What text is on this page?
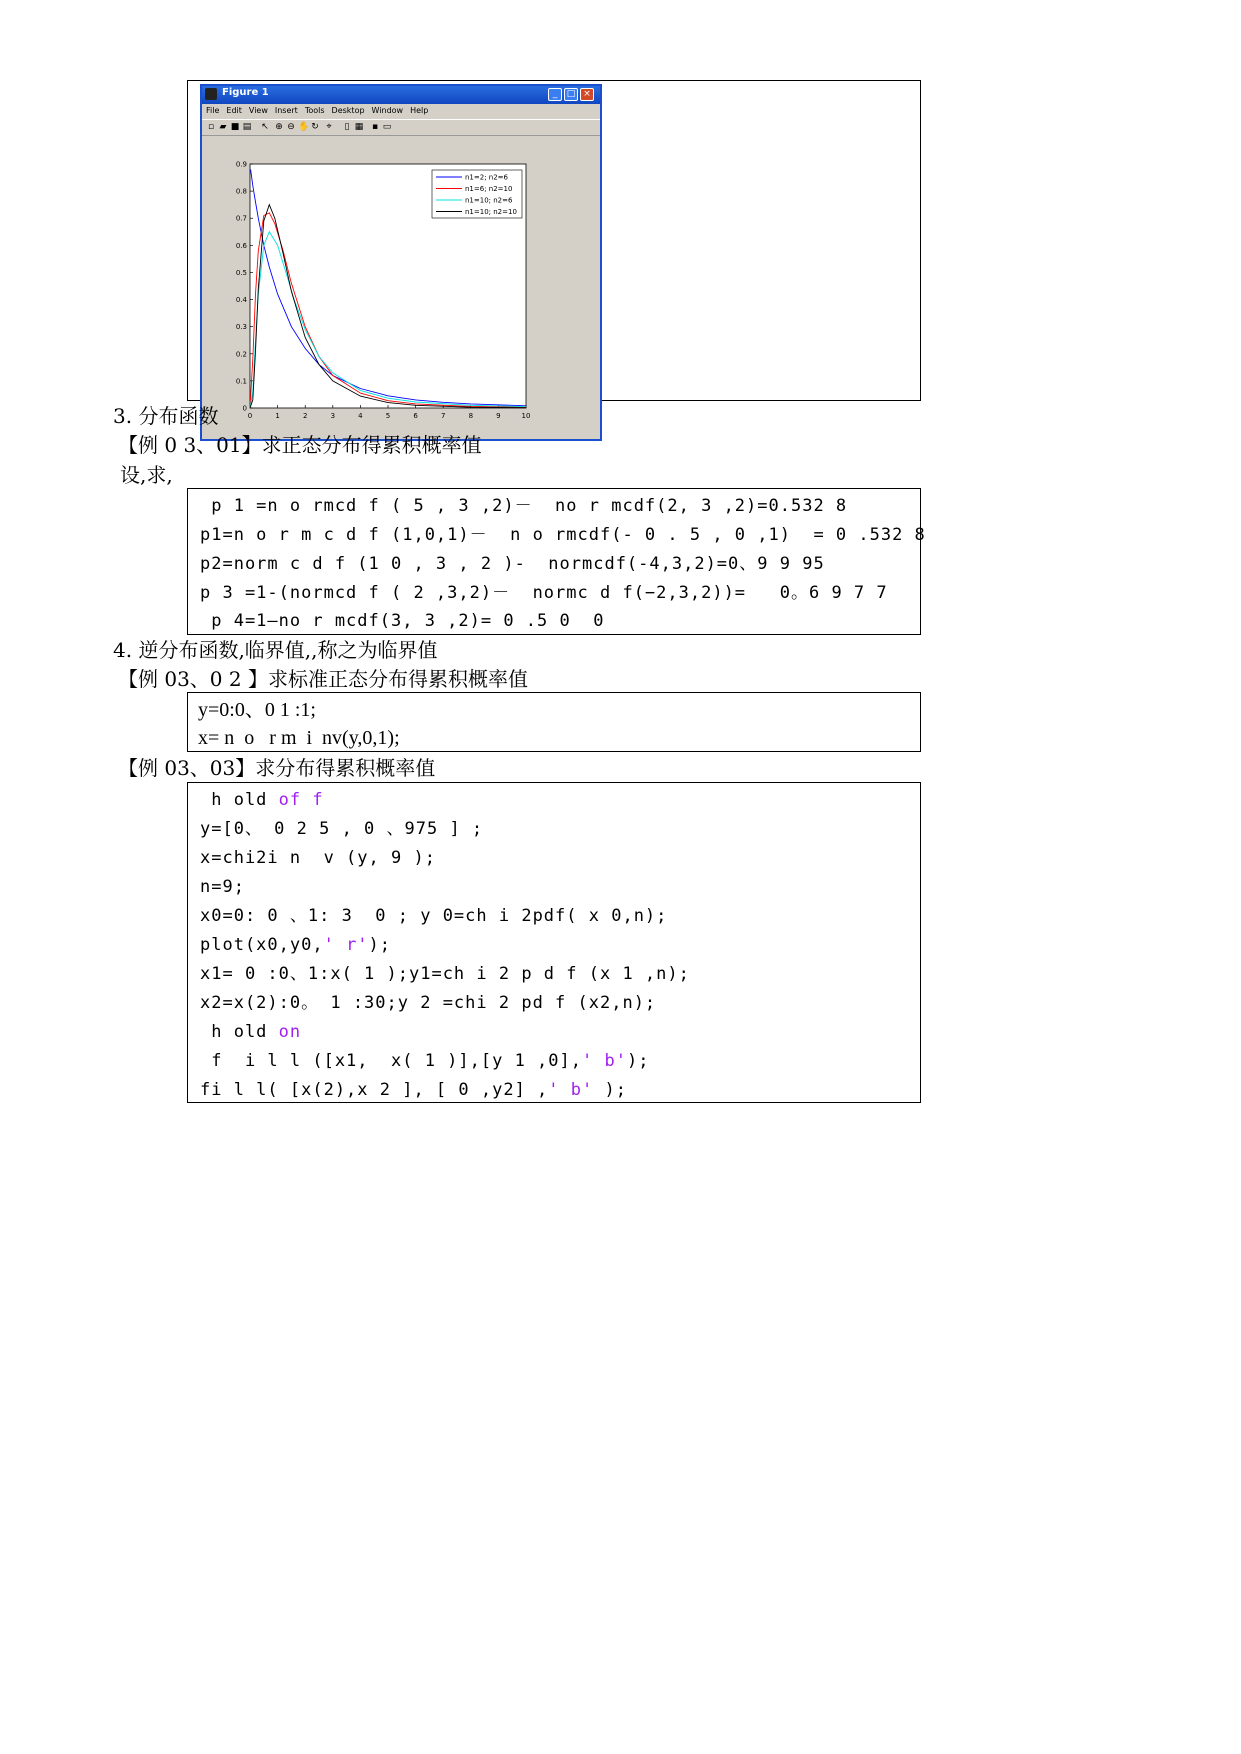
Figure 1	_	□ ×
File Edit View Insert Tools Desktop Window Help
▫ ▰ ■ ▤ ↖ ⊕ ⊖ ✋ ↻ ⌖ ▯ ▦ ▪ ▭
0	1	2	3	4	5	6	7	8	9	10
0
0.1
0.2
0.3
0.4
0.5
0.6
0.7
0.8
0.9
n1=2; n2=6
n1=6; n2=10
n1=10; n2=6
n1=10; n2=10
3. 分布函数
【例 0 3、01】求正态分布得累积概率值
设,求,
p 1 =n o rmcd f ( 5 , 3 ,2)－  no r mcdf(2, 3 ,2)=0.532 8
p1=n o r m c d f (1,0,1)－  n o rmcdf(- 0 . 5 , 0 ,1)  = 0 .532 8
p2=norm c d f (1 0 , 3 , 2 )-  normcdf(-4,3,2)=0、9 9 95
p 3 =1-(normcd f ( 2 ,3,2)－  normc d f(−2,3,2))=   0。6 9 7 7
p 4=1—no r mcdf(3, 3 ,2)= 0 .5 0  0
4. 逆分布函数,临界值,,称之为临界值
【例 03、0 2 】求标准正态分布得累积概率值
y=0:0、0 1 :1;
x= n  o   r m  i  nv(y,0,1);
【例 03、03】求分布得累积概率值
h old of f
y=[0、 0 2 5 , 0 、975 ] ;
x=chi2i n  v (y, 9 );
n=9;
x0=0: 0 、1: 3  0 ; y 0=ch i 2pdf( x 0,n);
plot(x0,y0,' r');
x1= 0 :0、1:x( 1 );y1=ch i 2 p d f (x 1 ,n);
x2=x(2):0。 1 :30;y 2 =chi 2 pd f (x2,n);
h old on
f  i l l ([x1,  x( 1 )],[y 1 ,0],' b');
fi l l( [x(2),x 2 ], [ 0 ,y2] ,' b' );
